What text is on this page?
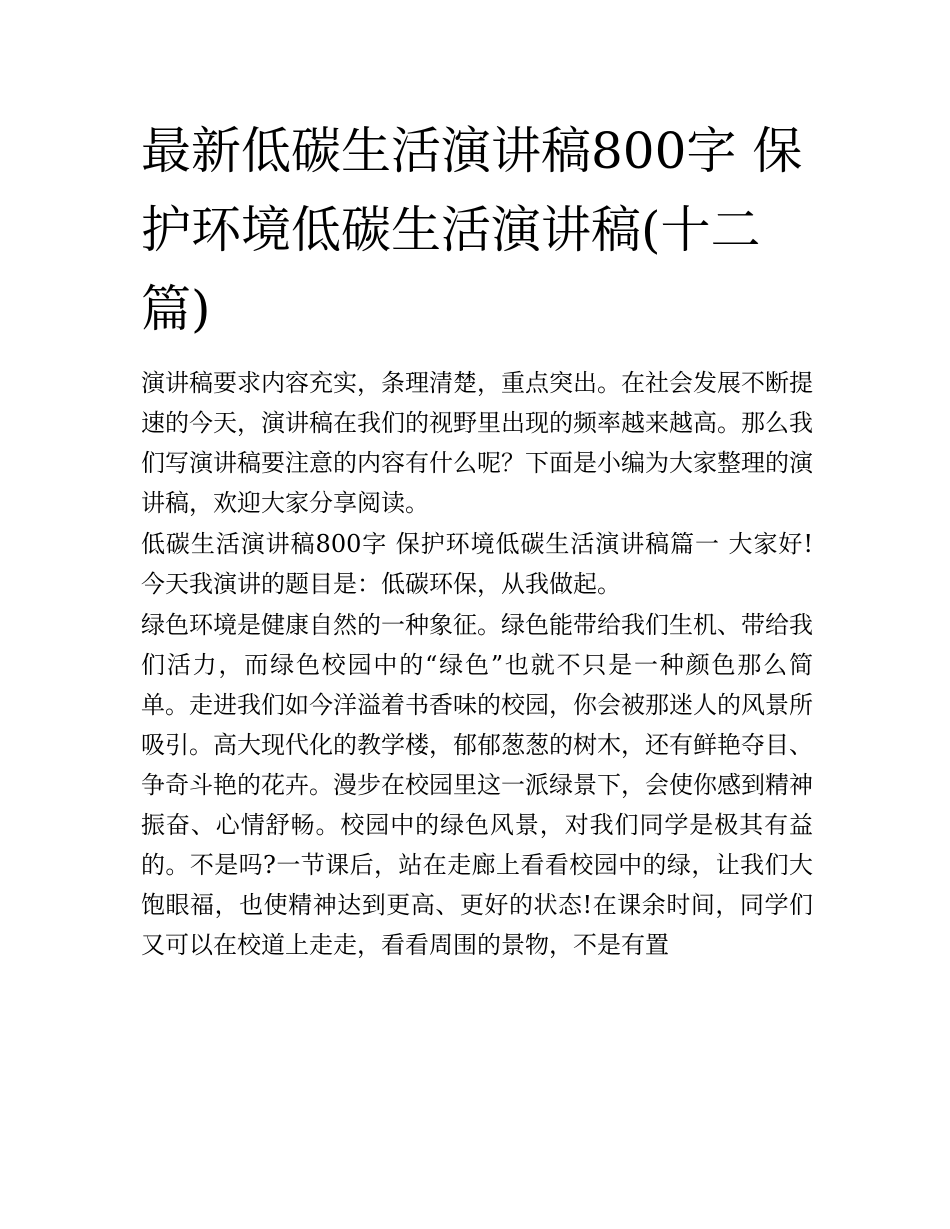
最新低碳生活演讲稿800字 保护环境低碳生活演讲稿(十二篇)

演讲稿要求内容充实，条理清楚，重点突出。在社会发展不断提速的今天，演讲稿在我们的视野里出现的频率越来越高。那么我们写演讲稿要注意的内容有什么呢？下面是小编为大家整理的演讲稿，欢迎大家分享阅读。

低碳生活演讲稿800字 保护环境低碳生活演讲稿篇一 大家好! 今天我演讲的题目是：低碳环保，从我做起。

绿色环境是健康自然的一种象征。绿色能带给我们生机、带给我们活力，而绿色校园中的“绿色”也就不只是一种颜色那么简单。走进我们如今洋溢着书香味的校园，你会被那迷人的风景所吸引。高大现代化的教学楼，郁郁葱葱的树木，还有鲜艳夺目、争奇斗艳的花卉。漫步在校园里这一派绿景下，会使你感到精神振奋、心情舒畅。校园中的绿色风景，对我们同学是极其有益的。不是吗?一节课后，站在走廊上看看校园中的绿，让我们大饱眼福，也使精神达到更高、更好的状态!在课余时间，同学们又可以在校道上走走，看看周围的景物，不是有置
